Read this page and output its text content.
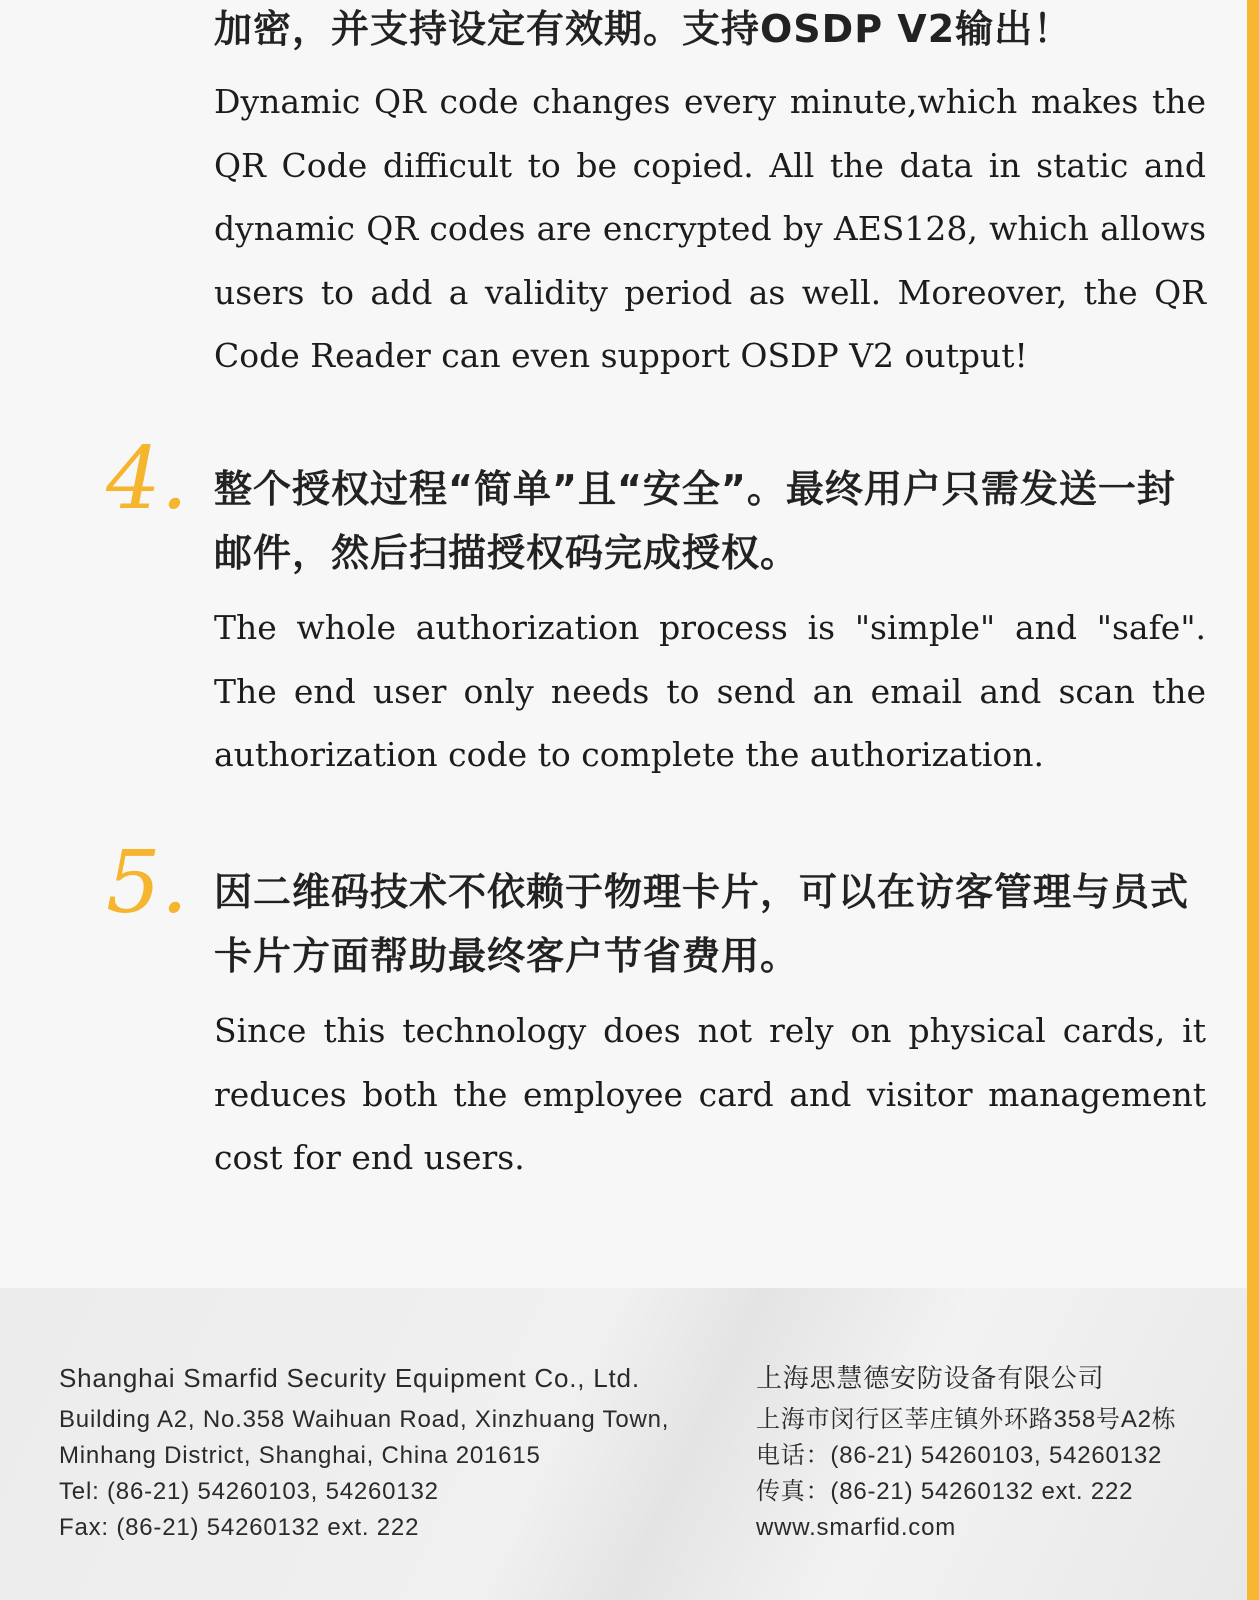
加密，并支持设定有效期。支持OSDP V2输出！

Dynamic QR code changes every minute,which makes the QR Code difficult to be copied. All the data in static and dynamic QR codes are encrypted by AES128, which allows users to add a validity period as well. Moreover, the QR Code Reader can even support OSDP V2 output!

4. 整个授权过程“简单”且“安全”。最终用户只需发送一封邮件，然后扫描授权码完成授权。

The whole authorization process is "simple" and "safe". The end user only needs to send an email and scan the authorization code to complete the authorization.

5. 因二维码技术不依赖于物理卡片，可以在访客管理与员式卡片方面帮助最终客户节省费用。

Since this technology does not rely on physical cards, it reduces both the employee card and visitor management cost for end users.

Shanghai Smarfid Security Equipment Co., Ltd.
Building A2, No.358 Waihuan Road, Xinzhuang Town,
Minhang District, Shanghai, China 201615
Tel: (86-21) 54260103, 54260132
Fax: (86-21) 54260132 ext. 222
上海思慧德安防设备有限公司
上海市闵行区莘庄镇外环路358号A2栋
电话：(86-21) 54260103, 54260132
传真：(86-21) 54260132 ext. 222
www.smarfid.com
